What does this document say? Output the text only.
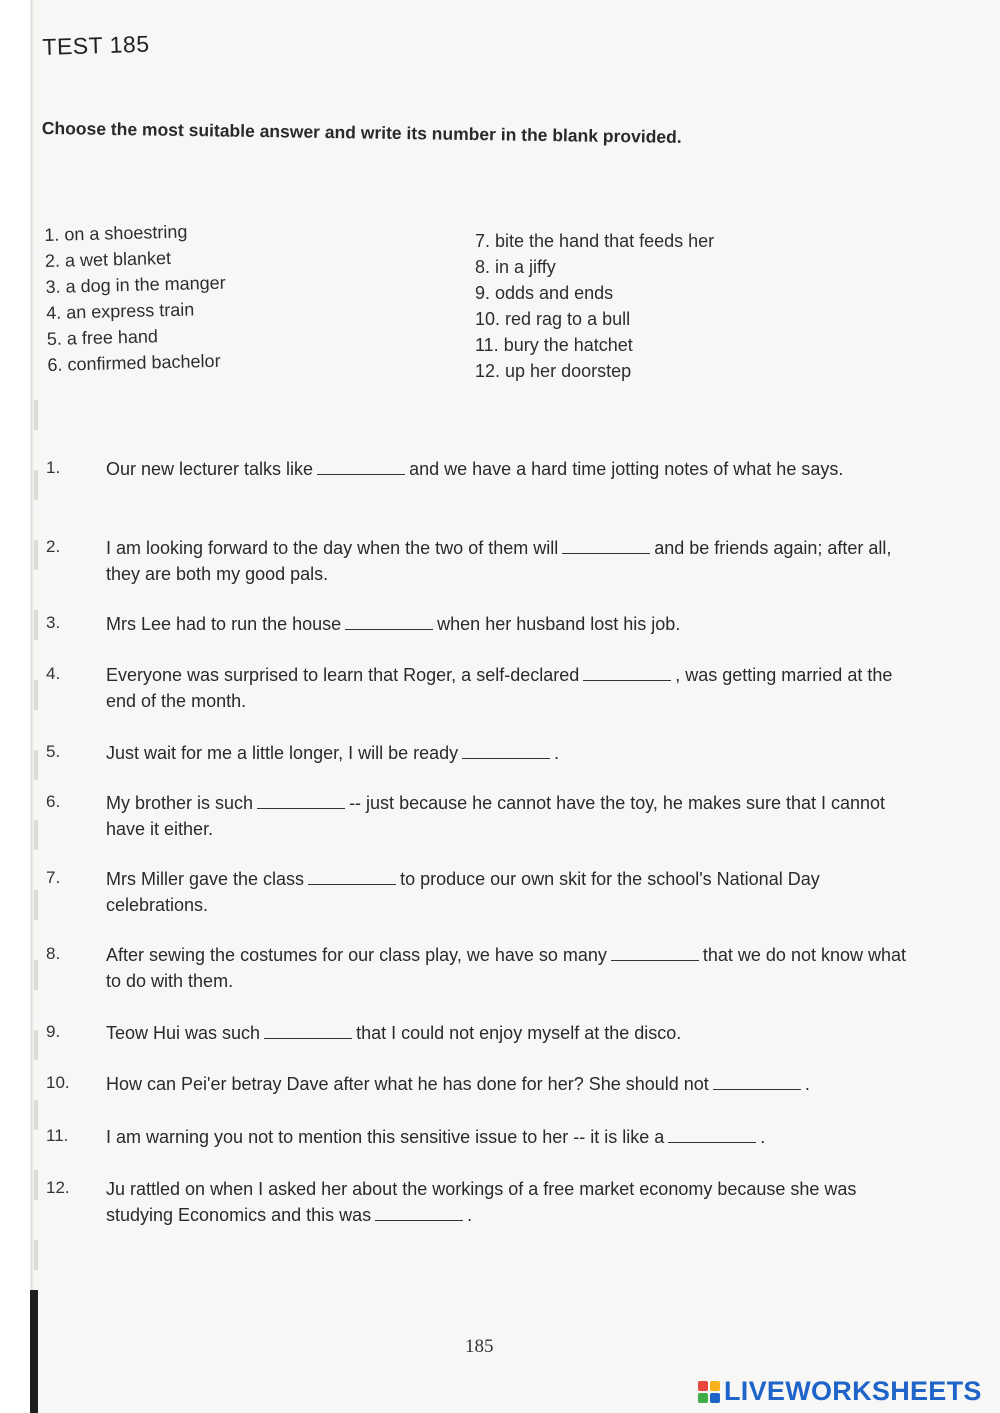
TEST 185
Choose the most suitable answer and write its number in the blank provided.
1. on a shoestring
2. a wet blanket
3. a dog in the manger
4. an express train
5. a free hand
6. confirmed bachelor
7. bite the hand that feeds her
8. in a jiffy
9. odds and ends
10. red rag to a bull
11. bury the hatchet
12. up her doorstep
1.	Our new lecturer talks like	and we have a hard time jotting notes of what he says.
2.	I am looking forward to the day when the two of them will	and be friends again; after all, they are both my good pals.
3.	Mrs Lee had to run the house	when her husband lost his job.
4.	Everyone was surprised to learn that Roger, a self-declared	, was getting married at the end of the month.
5.	Just wait for me a little longer, I will be ready	.
6.	My brother is such	-- just because he cannot have the toy, he makes sure that I cannot have it either.
7.	Mrs Miller gave the class	to produce our own skit for the school's National Day celebrations.
8.	After sewing the costumes for our class play, we have so many	that we do not know what to do with them.
9.	Teow Hui was such	that I could not enjoy myself at the disco.
10. How can Pei'er betray Dave after what he has done for her? She should not	.
11. I am warning you not to mention this sensitive issue to her -- it is like a	.
12. Ju rattled on when I asked her about the workings of a free market economy because she was studying Economics and this was	.
185
LIVEWORKSHEETS
